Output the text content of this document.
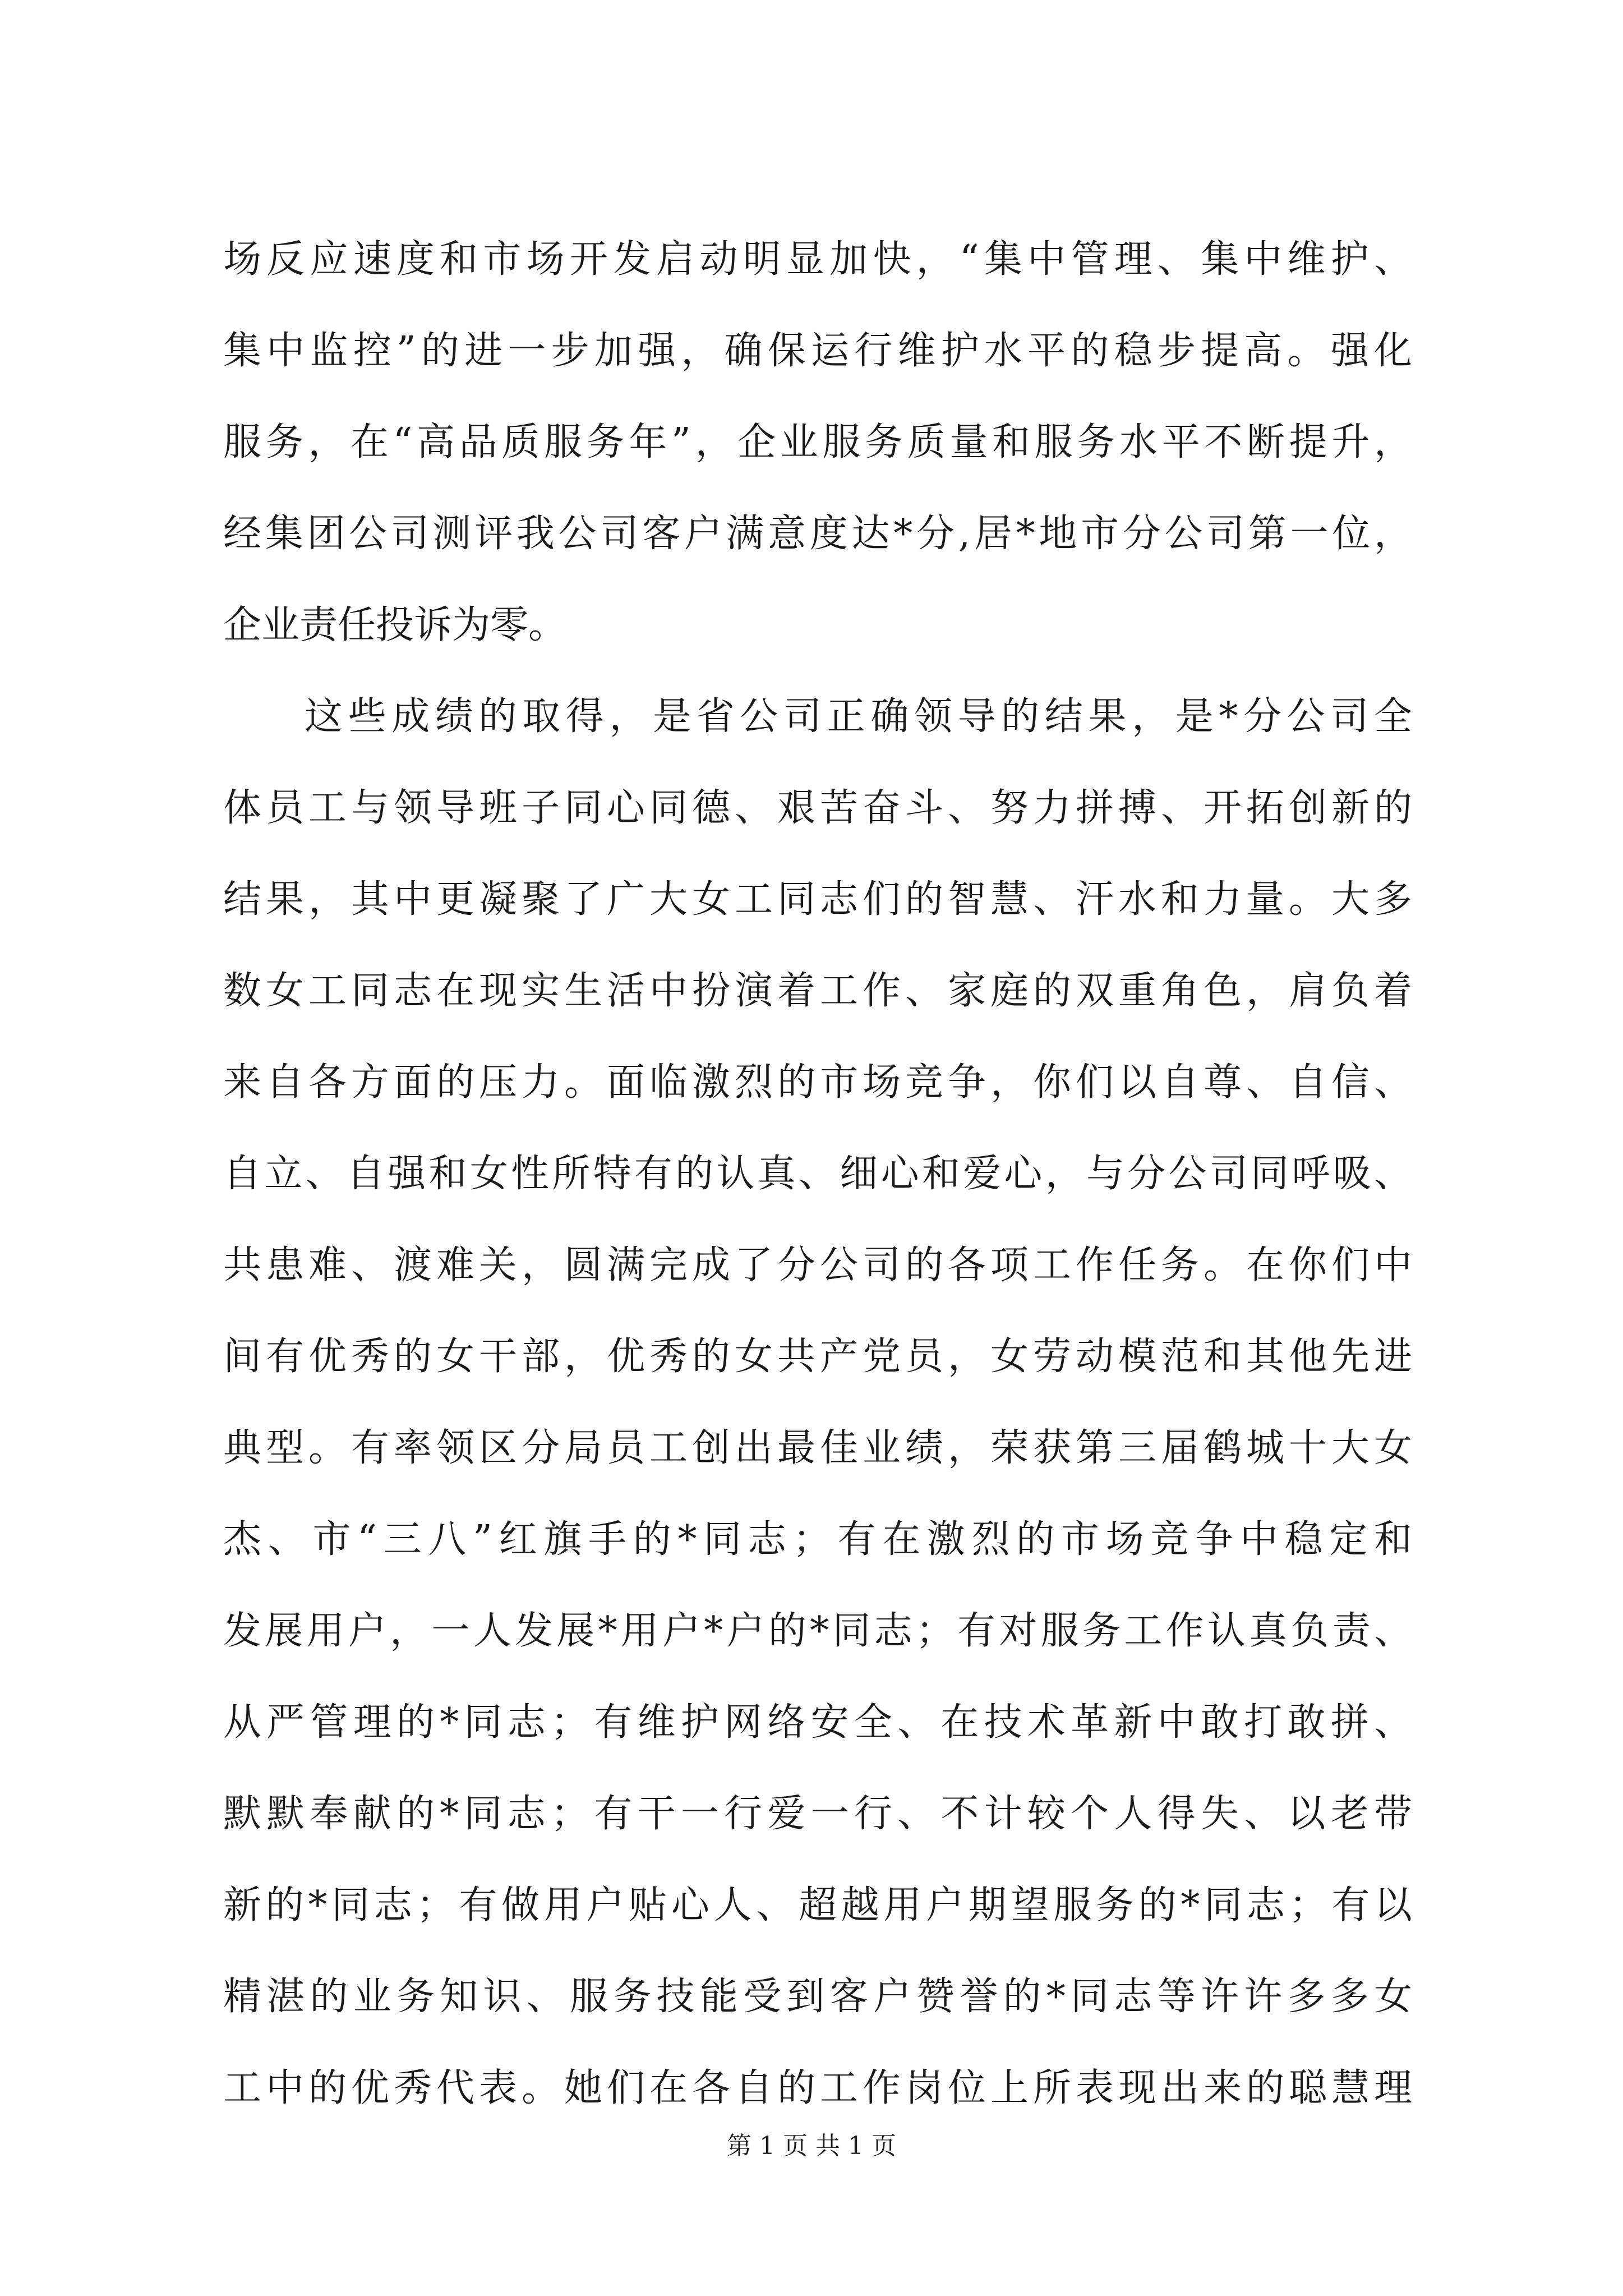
场反应速度和市场开发启动明显加快，“集中管理、集中维护、
集中监控”的进一步加强，确保运行维护水平的稳步提高。强化
服务，在“高品质服务年”，企业服务质量和服务水平不断提升，
经集团公司测评我公司客户满意度达*分,居*地市分公司第一位，
企业责任投诉为零。
这些成绩的取得，是省公司正确领导的结果，是*分公司全
体员工与领导班子同心同德、艰苦奋斗、努力拼搏、开拓创新的
结果，其中更凝聚了广大女工同志们的智慧、汗水和力量。大多
数女工同志在现实生活中扮演着工作、家庭的双重角色，肩负着
来自各方面的压力。面临激烈的市场竞争，你们以自尊、自信、
自立、自强和女性所特有的认真、细心和爱心，与分公司同呼吸、
共患难、渡难关，圆满完成了分公司的各项工作任务。在你们中
间有优秀的女干部，优秀的女共产党员，女劳动模范和其他先进
典型。有率领区分局员工创出最佳业绩，荣获第三届鹤城十大女
杰、市“三八”红旗手的*同志；有在激烈的市场竞争中稳定和
发展用户，一人发展*用户*户的*同志；有对服务工作认真负责、
从严管理的*同志；有维护网络安全、在技术革新中敢打敢拼、
默默奉献的*同志；有干一行爱一行、不计较个人得失、以老带
新的*同志；有做用户贴心人、超越用户期望服务的*同志；有以
精湛的业务知识、服务技能受到客户赞誉的*同志等许许多多女
工中的优秀代表。她们在各自的工作岗位上所表现出来的聪慧理
第 1 页 共 1 页
